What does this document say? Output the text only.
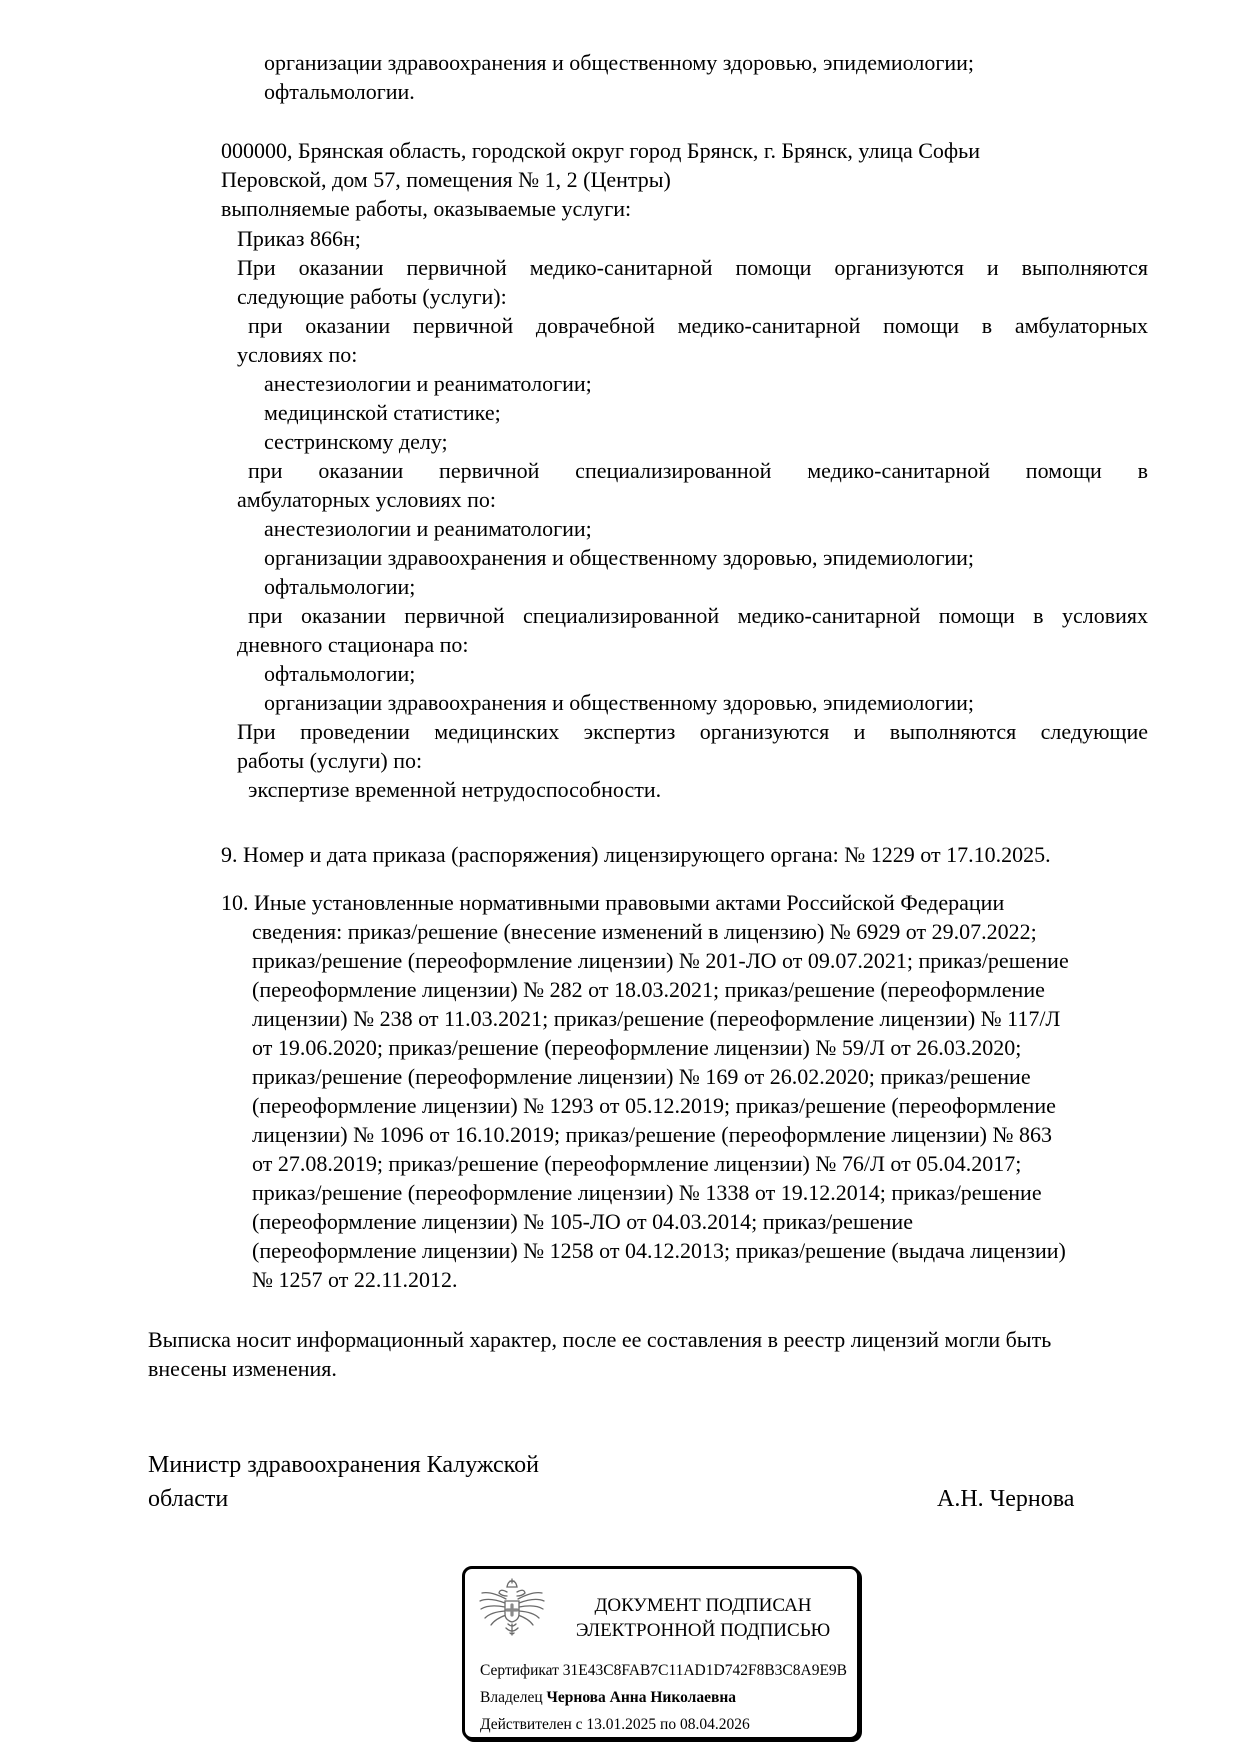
организации здравоохранения и общественному здоровью, эпидемиологии;
офтальмологии.
000000, Брянская область, городской округ город Брянск, г. Брянск, улица Софьи
Перовской, дом 57, помещения № 1, 2 (Центры)
выполняемые работы, оказываемые услуги:
Приказ 866н;
При оказании первичной медико-санитарной помощи организуются и выполняются
следующие работы (услуги):
при оказании первичной доврачебной медико-санитарной помощи в амбулаторных
условиях по:
анестезиологии и реаниматологии;
медицинской статистике;
сестринскому делу;
при оказании первичной специализированной медико-санитарной помощи в
амбулаторных условиях по:
анестезиологии и реаниматологии;
организации здравоохранения и общественному здоровью, эпидемиологии;
офтальмологии;
при оказании первичной специализированной медико-санитарной помощи в условиях
дневного стационара по:
офтальмологии;
организации здравоохранения и общественному здоровью, эпидемиологии;
При проведении медицинских экспертиз организуются и выполняются следующие
работы (услуги) по:
экспертизе временной нетрудоспособности.
9. Номер и дата приказа (распоряжения) лицензирующего органа: № 1229 от 17.10.2025.
10. Иные установленные нормативными правовыми актами Российской Федерации
сведения: приказ/решение (внесение изменений в лицензию) № 6929 от 29.07.2022;
приказ/решение (переоформление лицензии) № 201-ЛО от 09.07.2021; приказ/решение
(переоформление лицензии) № 282 от 18.03.2021; приказ/решение (переоформление
лицензии) № 238 от 11.03.2021; приказ/решение (переоформление лицензии) № 117/Л
от 19.06.2020; приказ/решение (переоформление лицензии) № 59/Л от 26.03.2020;
приказ/решение (переоформление лицензии) № 169 от 26.02.2020; приказ/решение
(переоформление лицензии) № 1293 от 05.12.2019; приказ/решение (переоформление
лицензии) № 1096 от 16.10.2019; приказ/решение (переоформление лицензии) № 863
от 27.08.2019; приказ/решение (переоформление лицензии) № 76/Л от 05.04.2017;
приказ/решение (переоформление лицензии) № 1338 от 19.12.2014; приказ/решение
(переоформление лицензии) № 105-ЛО от 04.03.2014; приказ/решение
(переоформление лицензии) № 1258 от 04.12.2013; приказ/решение (выдача лицензии)
№ 1257 от 22.11.2012.
Выписка носит информационный характер, после ее составления в реестр лицензий могли быть
внесены изменения.
Министр здравоохранения Калужской
области	А.Н. Чернова
ДОКУМЕНТ ПОДПИСАН
ЭЛЕКТРОННОЙ ПОДПИСЬЮ
Сертификат 31E43C8FAB7C11AD1D742F8B3C8A9E9B
Владелец Чернова Анна Николаевна
Действителен с 13.01.2025 по 08.04.2026
